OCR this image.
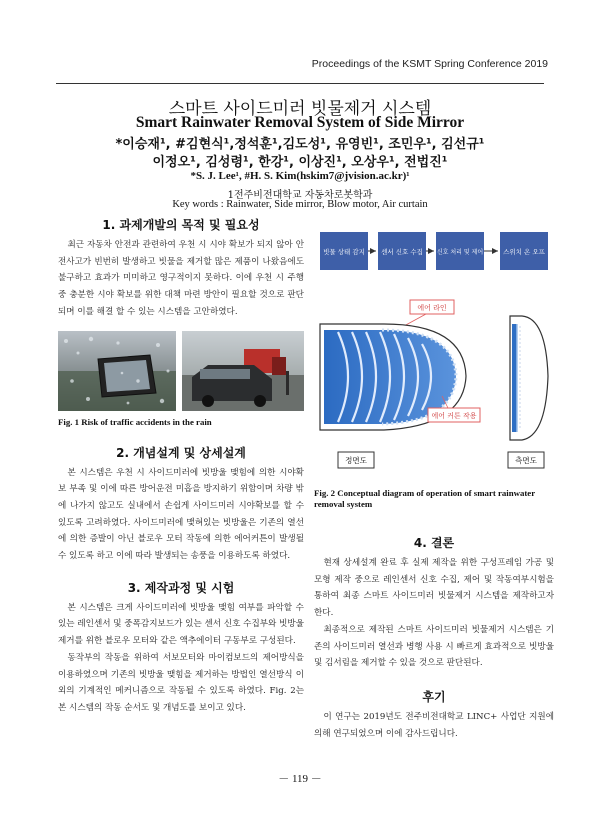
Proceedings of the KSMT Spring Conference 2019
스마트 사이드미러 빗물제거 시스템
Smart Rainwater Removal System of Side Mirror
*이승재¹, #김현식¹,정석훈¹,김도성¹, 유영빈¹, 조민우¹, 김선규¹
이정오¹, 김성령¹, 한강¹, 이상진¹, 오상우¹, 전법진¹
*S. J. Lee¹, #H. S. Kim(hskim7@jvision.ac.kr)¹
1전주비전대학교 자동차로봇학과
Key words : Rainwater, Side mirror, Blow motor, Air curtain
1. 과제개발의 목적 및 필요성

최근 자동차 안전과 관련하여 우천 시 시야 확보가 되지 않아 안전사고가 빈번히 발생하고 빗물을 제거할 많은 제품이 나왔음에도 불구하고 효과가 미미하고 영구적이지 못하다. 이에 우천 시 주행 중 충분한 시야 확보를 위한 대책 마련 방안이 필요할 것으로 판단되며 이를 해결 할 수 있는 시스템을 고안하였다.

Fig. 1 Risk of traffic accidents in the rain
2. 개념설계 및 상세설계

본 시스템은 우천 시 사이드미러에 빗방울 맺힘에 의한 시야확보 부족 및 이에 따른 방어운전 미흡을 방지하기 위함이며 차량 밖에 나가지 않고도 실내에서 손쉽게 사이드미러 시야확보를 할 수 있도록 고려하였다. 사이드미러에 맺혀있는 빗방울은 기존의 열선에 의한 증발이 아닌 블로우 모터 작동에 의한 에어커튼이 발생될 수 있도록 하고 이에 따라 발생되는 송풍을 이용하도록 하였다.

3. 제작과정 및 시험

본 시스템은 크게 사이드미러에 빗방울 맺힘 여부를 파악할 수 있는 레인센서 및 중폭감지보드가 있는 센서 신호 수집부와 빗방울 제거를 위한 블로우 모터와 같은 액추에이터 구동부로 구성된다.

동작부의 작동을 위하여 서보모터와 마이컴보드의 제어방식을 이용하였으며 기존의 빗방울 맺힘을 제거하는 방법인 열선방식 이외의 기계적인 메커니즘으로 작동될 수 있도록 하였다. Fig. 2는 본 시스템의 작동 순서도 및 개념도를 보이고 있다.

빗물 상태 감지 센서 신호 수집 신호 처리 및 제어	스위치 온 오프
에어 라인
에어 커튼 작용
정면도	측면도
Fig. 2 Conceptual diagram of operation of smart rainwater removal system
4. 결론

현재 상세설계 완료 후 실제 제작을 위한 구성프레임 가공 및 모형 제작 중으로 레인센서 신호 수집, 제어 및 작동여부시험을 통하여 최종 스마트 사이드미러 빗물제거 시스템을 제작하고자 한다.

최종적으로 제작된 스마트 사이드미러 빗물제거 시스템은 기존의 사이드미러 열선과 병행 사용 시 빠르게 효과적으로 빗방울 및 김서림을 제거할 수 있을 것으로 판단된다.

후기

이 연구는 2019년도 전주비전대학교 LINC+ 사업단 지원에 의해 연구되었으며 이에 감사드립니다.

－ 119 －
